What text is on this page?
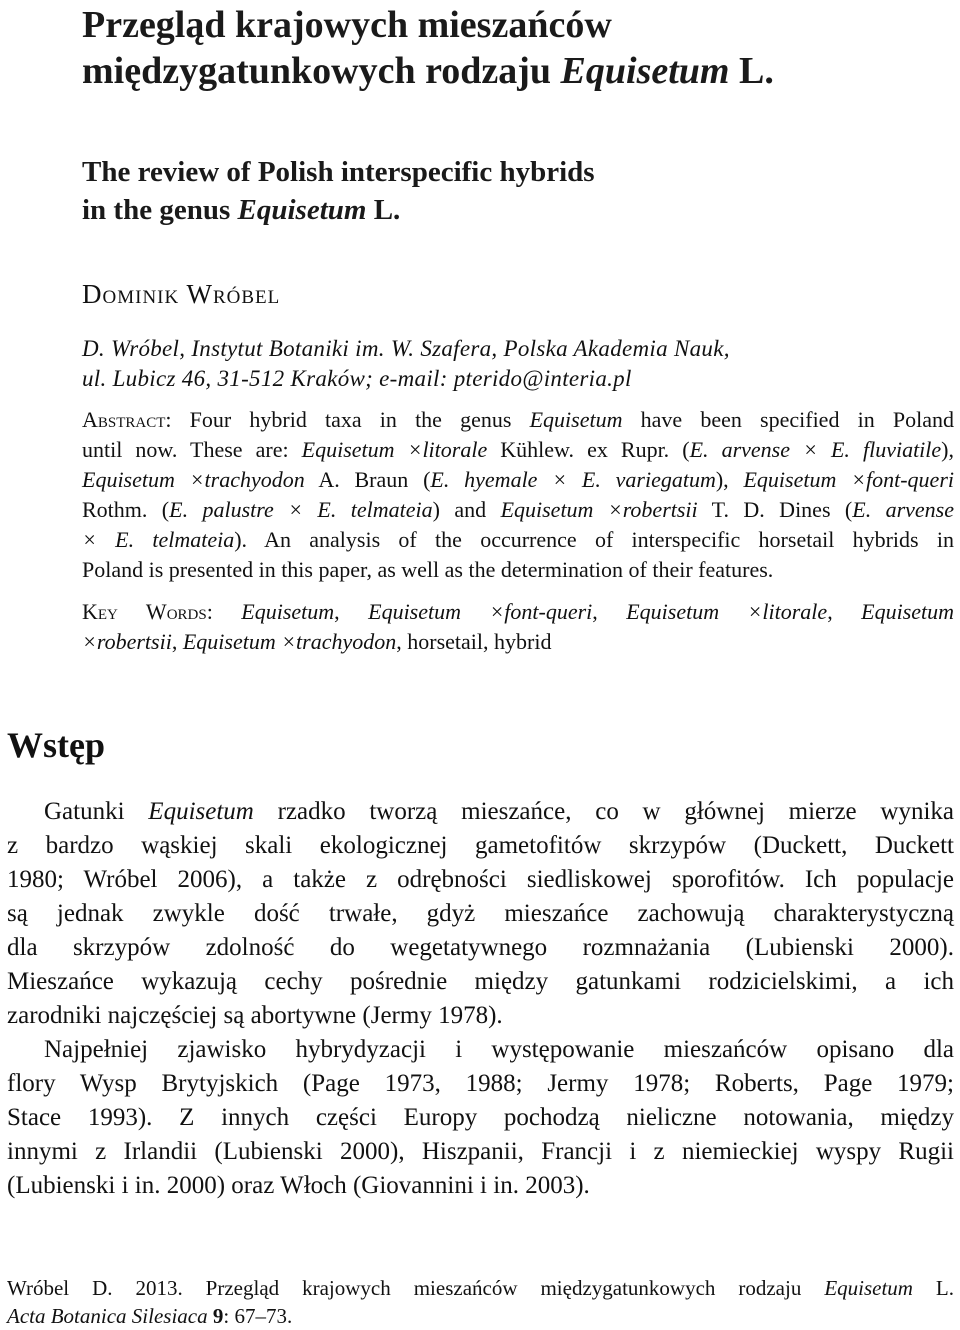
Przegląd krajowych mieszańców
międzygatunkowych rodzaju Equisetum L.
The review of Polish interspecific hybrids
in the genus Equisetum L.
Dominik Wróbel
D. Wróbel, Instytut Botaniki im. W. Szafera, Polska Akademia Nauk,
ul. Lubicz 46, 31-512 Kraków; e-mail: pterido@interia.pl
Abstract: Four hybrid taxa in the genus Equisetum have been specified in Poland
until now. These are: Equisetum ×litorale Kühlew. ex Rupr. (E. arvense × E. fluviatile),
Equisetum ×trachyodon A. Braun (E. hyemale × E. variegatum), Equisetum ×font-queri
Rothm. (E. palustre × E. telmateia) and Equisetum ×robertsii T. D. Dines (E. arvense
× E. telmateia). An analysis of the occurrence of interspecific horsetail hybrids in
Poland is presented in this paper, as well as the determination of their features.
Key Words: Equisetum, Equisetum ×font-queri, Equisetum ×litorale, Equisetum
×robertsii, Equisetum ×trachyodon, horsetail, hybrid
Wstęp

Gatunki Equisetum rzadko tworzą mieszańce, co w głównej mierze wynika
z bardzo wąskiej skali ekologicznej gametofitów skrzypów (Duckett, Duckett
1980; Wróbel 2006), a także z odrębności siedliskowej sporofitów. Ich populacje
są jednak zwykle dość trwałe, gdyż mieszańce zachowują charakterystyczną
dla skrzypów zdolność do wegetatywnego rozmnażania (Lubienski 2000).
Mieszańce wykazują cechy pośrednie między gatunkami rodzicielskimi, a ich
zarodniki najczęściej są abortywne (Jermy 1978).

Najpełniej zjawisko hybrydyzacji i występowanie mieszańców opisano dla
flory Wysp Brytyjskich (Page 1973, 1988; Jermy 1978; Roberts, Page 1979;
Stace 1993). Z innych części Europy pochodzą nieliczne notowania, między
innymi z Irlandii (Lubienski 2000), Hiszpanii, Francji i z niemieckiej wyspy Rugii
(Lubienski i in. 2000) oraz Włoch (Giovannini i in. 2003).

Wróbel D. 2013. Przegląd krajowych mieszańców międzygatunkowych rodzaju Equisetum L.
Acta Botanica Silesiaca 9: 67–73.
